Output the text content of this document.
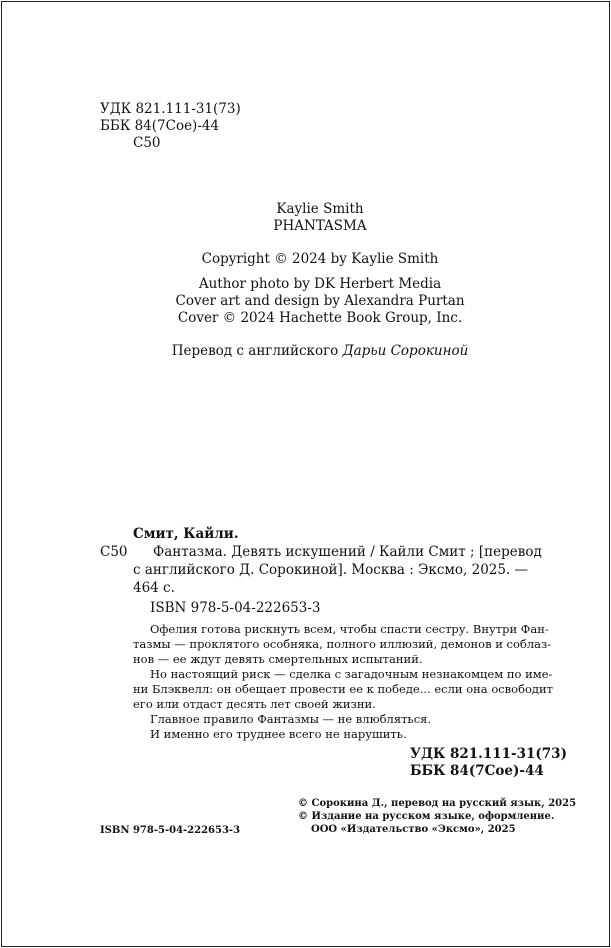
УДК 821.111-31(73)
ББК 84(7Сое)-44
С50
Kaylie Smith
PHANTASMA
Copyright © 2024 by Kaylie Smith
Author photo by DK Herbert Media
Cover art and design by Alexandra Purtan
Cover © 2024 Hachette Book Group, Inc.
Перевод с английского Дарьи Сорокиной
Смит, Кайли.
С50 Фантазма. Девять искушений / Кайли Смит ; [перевод
с английского Д. Сорокиной]. Москва : Эксмо, 2025. —
464 с.
ISBN 978-5-04-222653-3
Офелия готова рискнуть всем, чтобы спасти сестру. Внутри Фан-
тазмы — проклятого особняка, полного иллюзий, демонов и соблаз-
нов — ее ждут девять смертельных испытаний.
Но настоящий риск — сделка с загадочным незнакомцем по име-
ни Блэквелл: он обещает провести ее к победе... если она освободит
его или отдаст десять лет своей жизни.
Главное правило Фантазмы — не влюбляться.
И именно его труднее всего не нарушить.
УДК 821.111-31(73)
ББК 84(7Сое)-44
ISBN 978-5-04-222653-3
© Сорокина Д., перевод на русский язык, 2025
© Издание на русском языке, оформление.
ООО «Издательство «Эксмо», 2025
